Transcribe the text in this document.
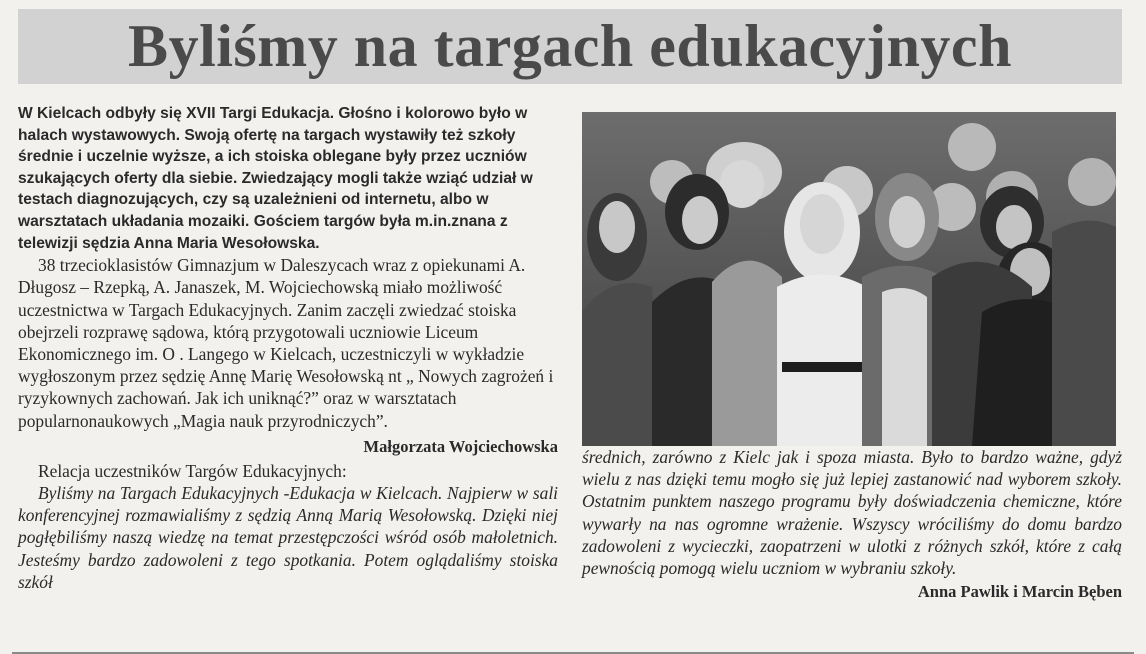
Byliśmy na targach edukacyjnych

W Kielcach odbyły się XVII Targi Edukacja. Głośno i kolorowo było w halach wystawowych. Swoją ofertę na targach wystawiły też szkoły średnie i uczelnie wyższe, a ich stoiska oblegane były przez uczniów szukających oferty dla siebie. Zwiedzający mogli także wziąć udział w testach diagnozujących, czy są uzależnieni od internetu, albo w warsztatach układania mozaiki. Gościem targów była m.in.znana z telewizji sędzia Anna Maria Wesołowska.

38 trzecioklasistów Gimnazjum w Daleszycach wraz z opiekunami A. Długosz – Rzepką, A. Janaszek, M. Wojciechowską miało możliwość uczestnictwa w Targach Edukacyjnych. Zanim zaczęli zwiedzać stoiska obejrzeli rozprawę sądowa, którą przygotowali uczniowie Liceum Ekonomicznego im. O . Langego w Kielcach, uczestniczyli w wykładzie wygłoszonym przez sędzię Annę Marię Wesołowską nt „ Nowych zagrożeń i ryzykownych zachowań. Jak ich uniknąć?” oraz w warsztatach popularnonaukowych „Magia nauk przyrodniczych”.

Małgorzata Wojciechowska

Relacja uczestników Targów Edukacyjnych:

Byliśmy na Targach Edukacyjnych -Edukacja w Kielcach. Najpierw w sali konferencyjnej rozmawialiśmy z sędzią Anną Marią Wesołowską. Dzięki niej pogłębiliśmy naszą wiedzę na temat przestępczości wśród osób małoletnich. Jesteśmy bardzo zadowoleni z tego spotkania. Potem oglądaliśmy stoiska szkół

średnich, zarówno z Kielc jak i spoza miasta. Było to bardzo ważne, gdyż wielu z nas dzięki temu mogło się już lepiej zastanowić nad wyborem szkoły. Ostatnim punktem naszego programu były doświadczenia chemiczne, które wywarły na nas ogromne wrażenie. Wszyscy wróciliśmy do domu bardzo zadowoleni z wycieczki, zaopatrzeni w ulotki z różnych szkół, które z całą pewnością pomogą wielu uczniom w wybraniu szkoły.

Anna Pawlik i Marcin Bęben
